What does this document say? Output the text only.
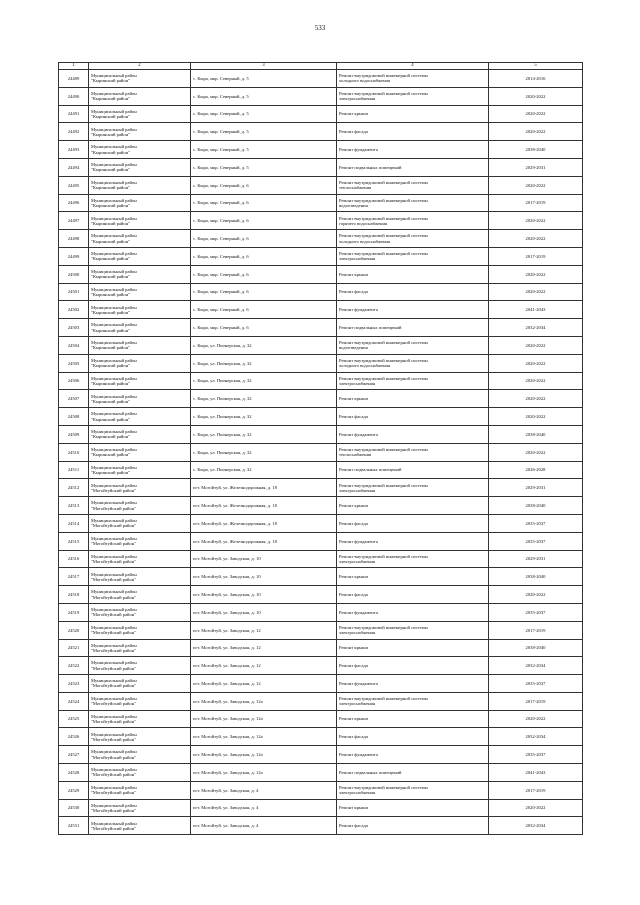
533
1	2	3	4	5
24489	Муниципальный район
"Кыринский район"	с. Кыра, мкр. Северный, д. 5	Ремонт внутридомовой инженерной системы
холодного водоснабжения	2014-2016
24490	Муниципальный район
"Кыринский район"	с. Кыра, мкр. Северный, д. 5	Ремонт внутридомовой инженерной системы
электроснабжения	2020-2022
24491	Муниципальный район
"Кыринский район"	с. Кыра, мкр. Северный, д. 5	Ремонт крыши	2020-2022
24492	Муниципальный район
"Кыринский район"	с. Кыра, мкр. Северный, д. 5	Ремонт фасада	2020-2022
24493	Муниципальный район
"Кыринский район"	с. Кыра, мкр. Северный, д. 5	Ремонт фундамента	2038-2040
24494	Муниципальный район
"Кыринский район"	с. Кыра, мкр. Северный, д. 5	Ремонт подвальных помещений	2029-2031
24495	Муниципальный район
"Кыринский район"	с. Кыра, мкр. Северный, д. 6	Ремонт внутридомовой инженерной системы
теплоснабжения	2020-2022
24496	Муниципальный район
"Кыринский район"	с. Кыра, мкр. Северный, д. 6	Ремонт внутридомовой инженерной системы
водоотведения	2017-2019
24497	Муниципальный район
"Кыринский район"	с. Кыра, мкр. Северный, д. 6	Ремонт внутридомовой инженерной системы
горячего водоснабжения	2020-2022
24498	Муниципальный район
"Кыринский район"	с. Кыра, мкр. Северный, д. 6	Ремонт внутридомовой инженерной системы
холодного водоснабжения	2020-2022
24499	Муниципальный район
"Кыринский район"	с. Кыра, мкр. Северный, д. 6	Ремонт внутридомовой инженерной системы
электроснабжения	2017-2019
24500	Муниципальный район
"Кыринский район"	с. Кыра, мкр. Северный, д. 6	Ремонт крыши	2020-2022
24501	Муниципальный район
"Кыринский район"	с. Кыра, мкр. Северный, д. 6	Ремонт фасада	2020-2022
24502	Муниципальный район
"Кыринский район"	с. Кыра, мкр. Северный, д. 6	Ремонт фундамента	2041-2043
24503	Муниципальный район
"Кыринский район"	с. Кыра, мкр. Северный, д. 6	Ремонт подвальных помещений	2032-2034
24504	Муниципальный район
"Кыринский район"	с. Кыра, ул. Пионерская, д. 32	Ремонт внутридомовой инженерной системы
водоотведения	2020-2022
24505	Муниципальный район
"Кыринский район"	с. Кыра, ул. Пионерская, д. 32	Ремонт внутридомовой инженерной системы
холодного водоснабжения	2020-2022
24506	Муниципальный район
"Кыринский район"	с. Кыра, ул. Пионерская, д. 32	Ремонт внутридомовой инженерной системы
электроснабжения	2020-2022
24507	Муниципальный район
"Кыринский район"	с. Кыра, ул. Пионерская, д. 32	Ремонт крыши	2020-2022
24508	Муниципальный район
"Кыринский район"	с. Кыра, ул. Пионерская, д. 32	Ремонт фасада	2020-2022
24509	Муниципальный район
"Кыринский район"	с. Кыра, ул. Пионерская, д. 32	Ремонт фундамента	2038-2040
24510	Муниципальный район
"Кыринский район"	с. Кыра, ул. Пионерская, д. 32	Ремонт внутридомовой инженерной системы
теплоснабжения	2020-2022
24511	Муниципальный район
"Кыринский район"	с. Кыра, ул. Пионерская, д. 32	Ремонт подвальных помещений	2026-2028
24512	Муниципальный район
"Могойтуйский район"	пгт. Могойтуй, ул. Железнодорожная, д. 18	Ремонт внутридомовой инженерной системы
электроснабжения	2029-2031
24513	Муниципальный район
"Могойтуйский район"	пгт. Могойтуй, ул. Железнодорожная, д. 18	Ремонт крыши	2038-2040
24514	Муниципальный район
"Могойтуйский район"	пгт. Могойтуй, ул. Железнодорожная, д. 18	Ремонт фасада	2035-2037
24515	Муниципальный район
"Могойтуйский район"	пгт. Могойтуй, ул. Железнодорожная, д. 18	Ремонт фундамента	2035-2037
24516	Муниципальный район
"Могойтуйский район"	пгт. Могойтуй, ул. Заводская, д. 10	Ремонт внутридомовой инженерной системы
электроснабжения	2029-2031
24517	Муниципальный район
"Могойтуйский район"	пгт. Могойтуй, ул. Заводская, д. 10	Ремонт крыши	2038-2040
24518	Муниципальный район
"Могойтуйский район"	пгт. Могойтуй, ул. Заводская, д. 10	Ремонт фасада	2020-2022
24519	Муниципальный район
"Могойтуйский район"	пгт. Могойтуй, ул. Заводская, д. 10	Ремонт фундамента	2035-2037
24520	Муниципальный район
"Могойтуйский район"	пгт. Могойтуй, ул. Заводская, д. 12	Ремонт внутридомовой инженерной системы
электроснабжения	2017-2019
24521	Муниципальный район
"Могойтуйский район"	пгт. Могойтуй, ул. Заводская, д. 12	Ремонт крыши	2038-2040
24522	Муниципальный район
"Могойтуйский район"	пгт. Могойтуй, ул. Заводская, д. 12	Ремонт фасада	2032-2034
24523	Муниципальный район
"Могойтуйский район"	пгт. Могойтуй, ул. Заводская, д. 12	Ремонт фундамента	2035-2037
24524	Муниципальный район
"Могойтуйский район"	пгт. Могойтуй, ул. Заводская, д. 12а	Ремонт внутридомовой инженерной системы
электроснабжения	2017-2019
24525	Муниципальный район
"Могойтуйский район"	пгт. Могойтуй, ул. Заводская, д. 12а	Ремонт крыши	2020-2022
24526	Муниципальный район
"Могойтуйский район"	пгт. Могойтуй, ул. Заводская, д. 12а	Ремонт фасада	2032-2034
24527	Муниципальный район
"Могойтуйский район"	пгт. Могойтуй, ул. Заводская, д. 12а	Ремонт фундамента	2035-2037
24528	Муниципальный район
"Могойтуйский район"	пгт. Могойтуй, ул. Заводская, д. 12а	Ремонт подвальных помещений	2041-2043
24529	Муниципальный район
"Могойтуйский район"	пгт. Могойтуй, ул. Заводская, д. 4	Ремонт внутридомовой инженерной системы
электроснабжения	2017-2019
24530	Муниципальный район
"Могойтуйский район"	пгт. Могойтуй, ул. Заводская, д. 4	Ремонт крыши	2020-2022
24531	Муниципальный район
"Могойтуйский район"	пгт. Могойтуй, ул. Заводская, д. 4	Ремонт фасада	2032-2034
